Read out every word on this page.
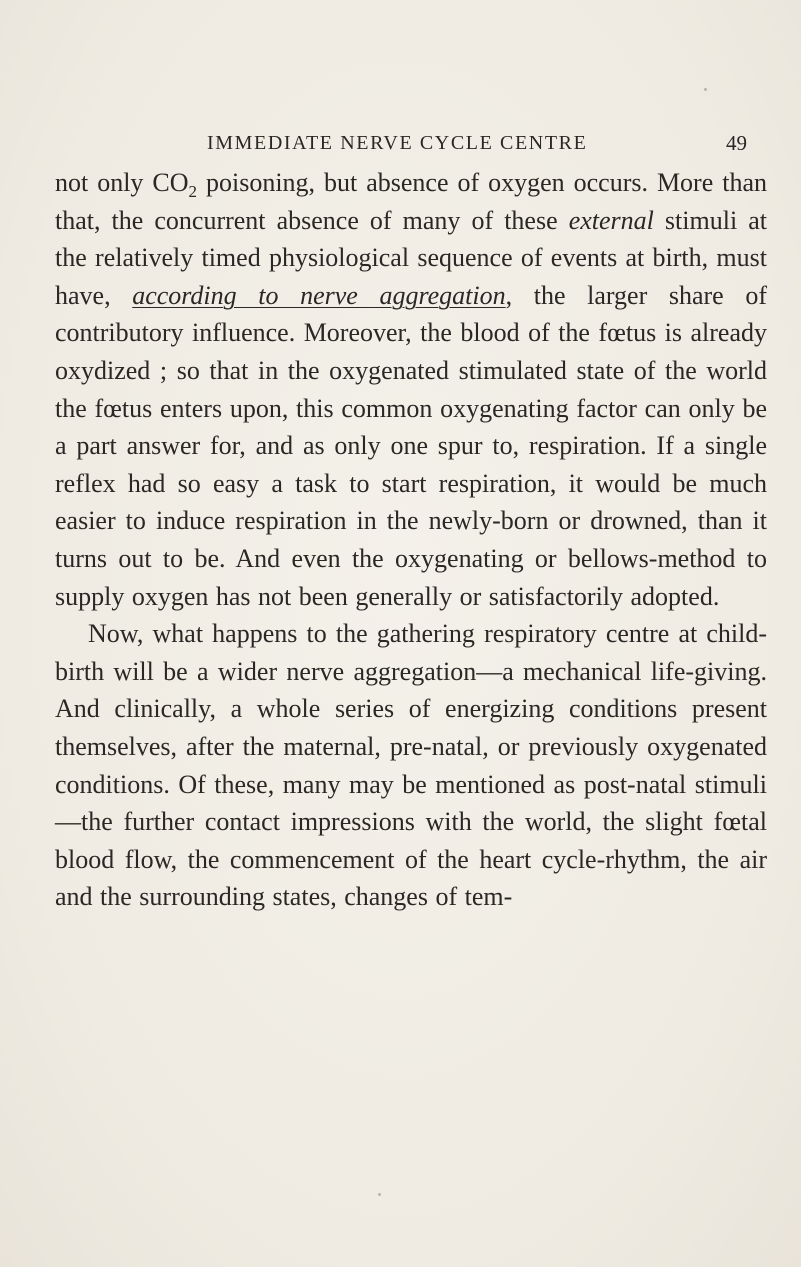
IMMEDIATE NERVE CYCLE CENTRE	49

not only $CO_2$ poisoning, but absence of oxygen occurs. More than that, the concurrent absence of many of these external stimuli at the relatively timed physiological sequence of events at birth, must have, according to nerve aggregation, the larger share of contributory influence. Moreover, the blood of the fœtus is already oxydized ; so that in the oxygenated stimulated state of the world the fœtus enters upon, this common oxygenating factor can only be a part answer for, and as only one spur to, respiration. If a single reflex had so easy a task to start respiration, it would be much easier to induce respiration in the newly-born or drowned, than it turns out to be. And even the oxygenating or bellows-method to supply oxygen has not been generally or satisfactorily adopted.

Now, what happens to the gathering respiratory centre at child-birth will be a wider nerve aggregation—a mechanical life-giving. And clinically, a whole series of energizing conditions present themselves, after the maternal, pre-natal, or previously oxygenated conditions. Of these, many may be mentioned as post-natal stimuli—the further contact impressions with the world, the slight fœtal blood flow, the commencement of the heart cycle-rhythm, the air and the surrounding states, changes of tem-
